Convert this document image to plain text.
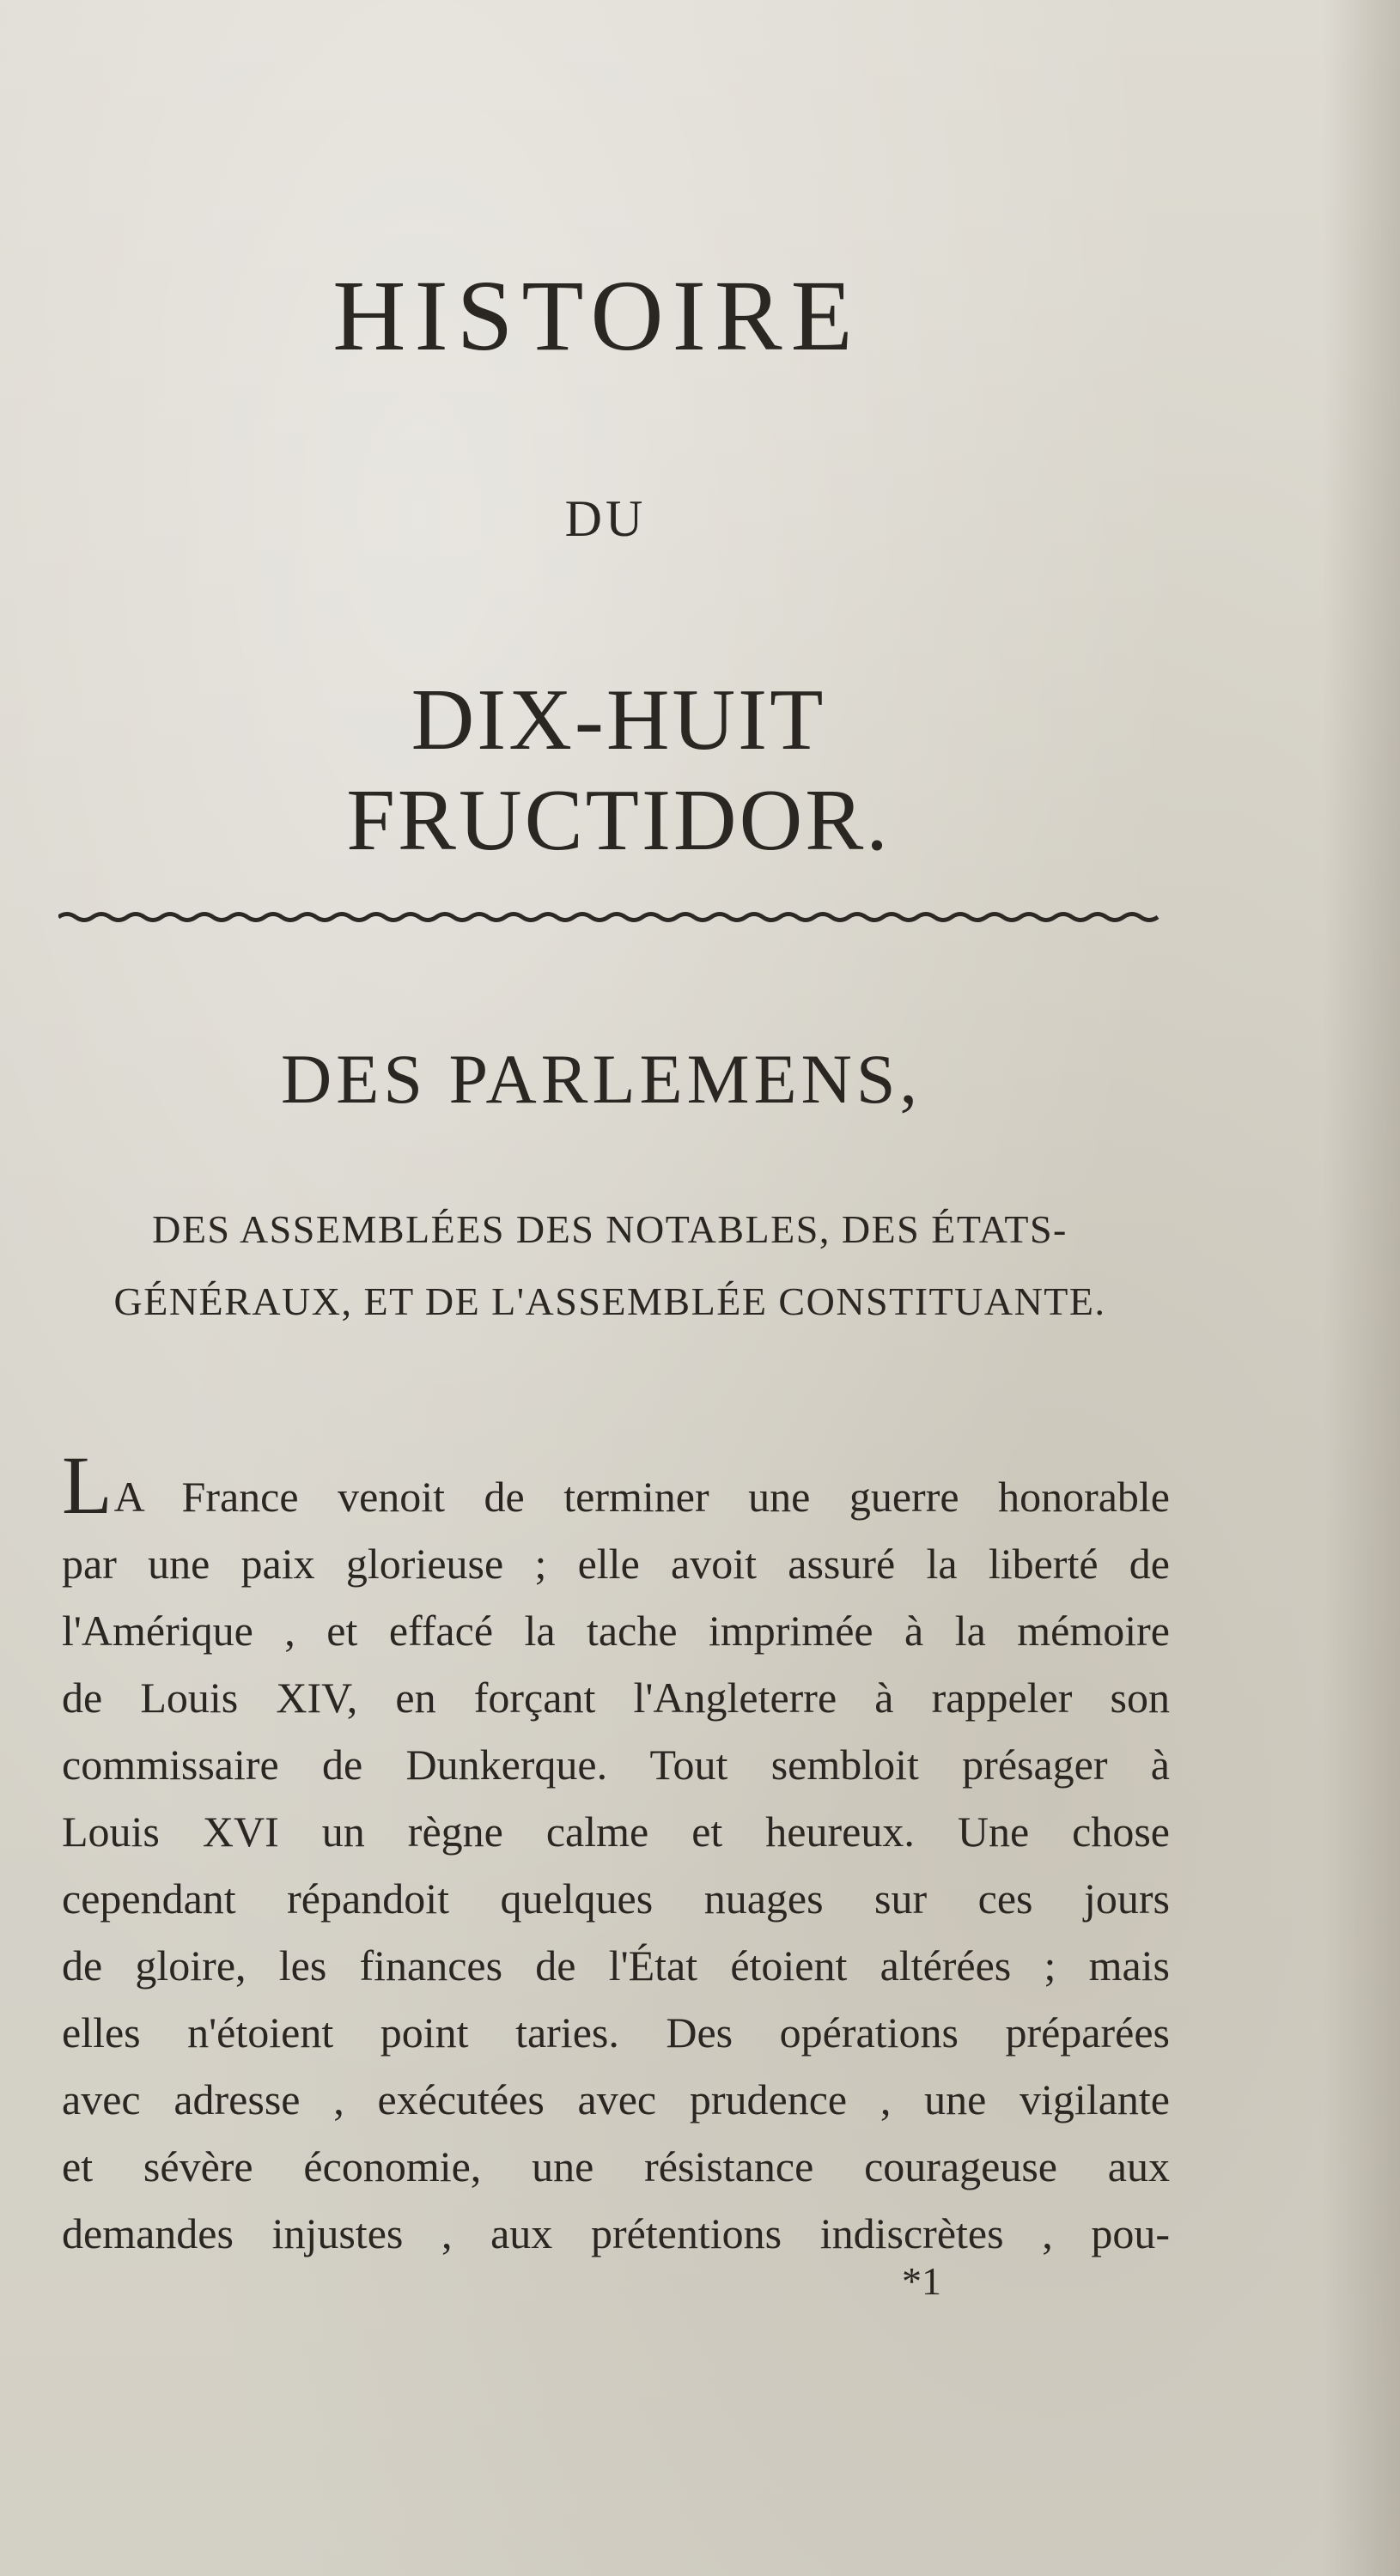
HISTOIRE
DU
DIX-HUIT FRUCTIDOR.
DES PARLEMENS,
DES ASSEMBLÉES DES NOTABLES, DES ÉTATS-
GÉNÉRAUX, ET DE L'ASSEMBLÉE CONSTITUANTE.
LA France venoit de terminer une guerre honorable
par une paix glorieuse ; elle avoit assuré la liberté de
l'Amérique , et effacé la tache imprimée à la mémoire
de Louis XIV, en forçant l'Angleterre à rappeler son
commissaire de Dunkerque. Tout sembloit présager à
Louis XVI un règne calme et heureux. Une chose
cependant répandoit quelques nuages sur ces jours
de gloire, les finances de l'État étoient altérées ; mais
elles n'étoient point taries. Des opérations préparées
avec adresse , exécutées avec prudence , une vigilante
et sévère économie, une résistance courageuse aux
demandes injustes , aux prétentions indiscrètes , pou-
*1
